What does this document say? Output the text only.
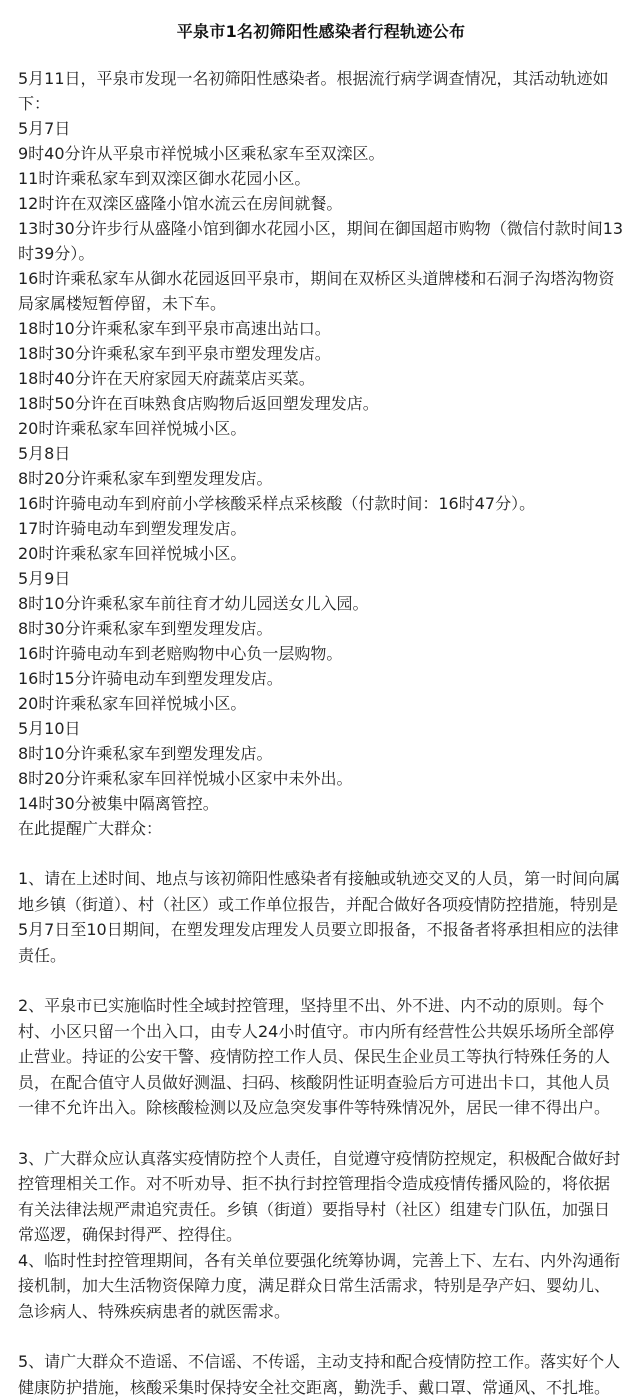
平泉市1名初筛阳性感染者行程轨迹公布

5月11日，平泉市发现一名初筛阳性感染者。根据流行病学调查情况，其活动轨迹如下：

5月7日

9时40分许从平泉市祥悦城小区乘私家车至双滦区。

11时许乘私家车到双滦区御水花园小区。

12时许在双滦区盛隆小馆水流云在房间就餐。

13时30分许步行从盛隆小馆到御水花园小区，期间在御国超市购物（微信付款时间13时39分）。

16时许乘私家车从御水花园返回平泉市，期间在双桥区头道牌楼和石洞子沟塔沟物资局家属楼短暂停留，未下车。

18时10分许乘私家车到平泉市高速出站口。

18时30分许乘私家车到平泉市塑发理发店。

18时40分许在天府家园天府蔬菜店买菜。

18时50分许在百味熟食店购物后返回塑发理发店。

20时许乘私家车回祥悦城小区。

5月8日

8时20分许乘私家车到塑发理发店。

16时许骑电动车到府前小学核酸采样点采核酸（付款时间：16时47分）。

17时许骑电动车到塑发理发店。

20时许乘私家车回祥悦城小区。

5月9日

8时10分许乘私家车前往育才幼儿园送女儿入园。

8时30分许乘私家车到塑发理发店。

16时许骑电动车到老赔购物中心负一层购物。

16时15分许骑电动车到塑发理发店。

20时许乘私家车回祥悦城小区。

5月10日

8时10分许乘私家车到塑发理发店。

8时20分许乘私家车回祥悦城小区家中未外出。

14时30分被集中隔离管控。

在此提醒广大群众：

1、请在上述时间、地点与该初筛阳性感染者有接触或轨迹交叉的人员，第一时间向属地乡镇（街道）、村（社区）或工作单位报告，并配合做好各项疫情防控措施，特别是5月7日至10日期间，在塑发理发店理发人员要立即报备，不报备者将承担相应的法律责任。

2、平泉市已实施临时性全域封控管理，坚持里不出、外不进、内不动的原则。每个村、小区只留一个出入口，由专人24小时值守。市内所有经营性公共娱乐场所全部停止营业。持证的公安干警、疫情防控工作人员、保民生企业员工等执行特殊任务的人员，在配合值守人员做好测温、扫码、核酸阴性证明查验后方可进出卡口，其他人员一律不允许出入。除核酸检测以及应急突发事件等特殊情况外，居民一律不得出户。

3、广大群众应认真落实疫情防控个人责任，自觉遵守疫情防控规定，积极配合做好封控管理相关工作。对不听劝导、拒不执行封控管理指令造成疫情传播风险的，将依据有关法律法规严肃追究责任。乡镇（街道）要指导村（社区）组建专门队伍，加强日常巡逻，确保封得严、控得住。

4、临时性封控管理期间，各有关单位要强化统筹协调，完善上下、左右、内外沟通衔接机制，加大生活物资保障力度，满足群众日常生活需求，特别是孕产妇、婴幼儿、急诊病人、特殊疾病患者的就医需求。

5、请广大群众不造谣、不信谣、不传谣，主动支持和配合疫情防控工作。落实好个人健康防护措施，核酸采集时保持安全社交距离，勤洗手、戴口罩、常通风、不扎堆。
